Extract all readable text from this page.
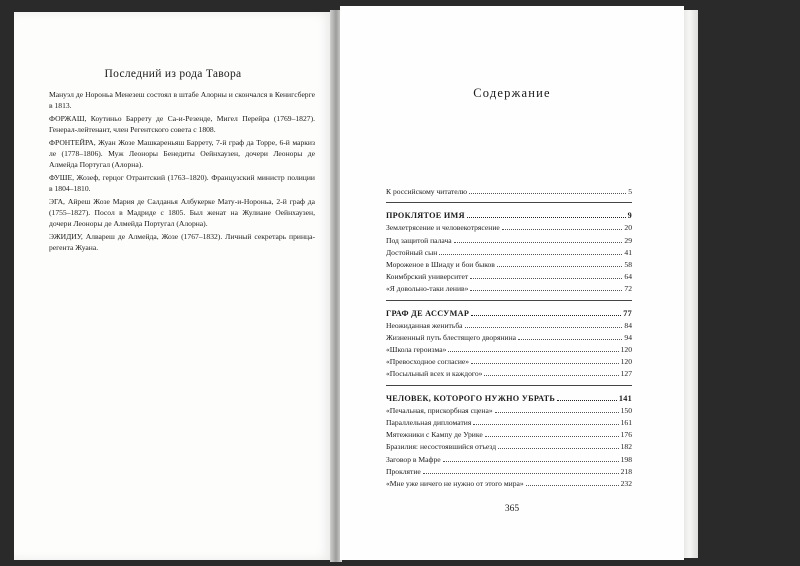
Последний из рода Тавора

Мануэл де Нороньа Менезеш состоял в штабе Алорны и скончался в Кенигсберге в 1813.

ФОРЖАШ, Коутиньо Баррету де Са-и-Резенде, Мигел Перейра (1769–1827). Генерал-лейтенант, член Регентского совета с 1808.

ФРОНТЕЙРА, Жуан Жозе Машкареньяш Баррету, 7-й граф да Торре, 6-й маркиз ле (1778–1806). Муж Леоноры Бенедиты Оейнхаузен, дочери Леоноры де Алмейда Португал (Алорна).

ФУШЕ, Жозеф, герцог Отрантский (1763–1820). Французский министр полиции в 1804–1810.

ЭГА, Айреш Жозе Мария де Салданья Албукерке Мату-и-Нороньа, 2-й граф да (1755–1827). Посол в Мадриде с 1805. Был женат на Жулиане Оейнхаузен, дочери Леоноры де Алмейда Португал (Алорна).

ЭЖИДИУ, Алвареш де Алмейда, Жозе (1767–1832). Личный секретарь принца-регента Жуана.

Содержание
К российскому читателю	5
ПРОКЛЯТОЕ ИМЯ	9
Землетрясение и человекотрясение	20
Под защитой палача	29
Достойный сын	41
Мороженое в Шиаду и бои быков	58
Коимбрский университет	64
«Я довольно-таки ленив»	72
ГРАФ ДЕ АССУМАР	77
Неожиданная женитьба	84
Жизненный путь блестящего дворянина	94
«Школа героизма»	120
«Превосходное согласие»	120
«Посыльный всех и каждого»	127
ЧЕЛОВЕК, КОТОРОГО НУЖНО УБРАТЬ	141
«Печальная, прискорбная сцена»	150
Параллельная дипломатия	161
Мятежники с Кампу де Урике	176
Бразилия: несостоявшийся отъезд	182
Заговор в Мафре	198
Проклятие	218
«Мне уже ничего не нужно от этого мира»	232
365
